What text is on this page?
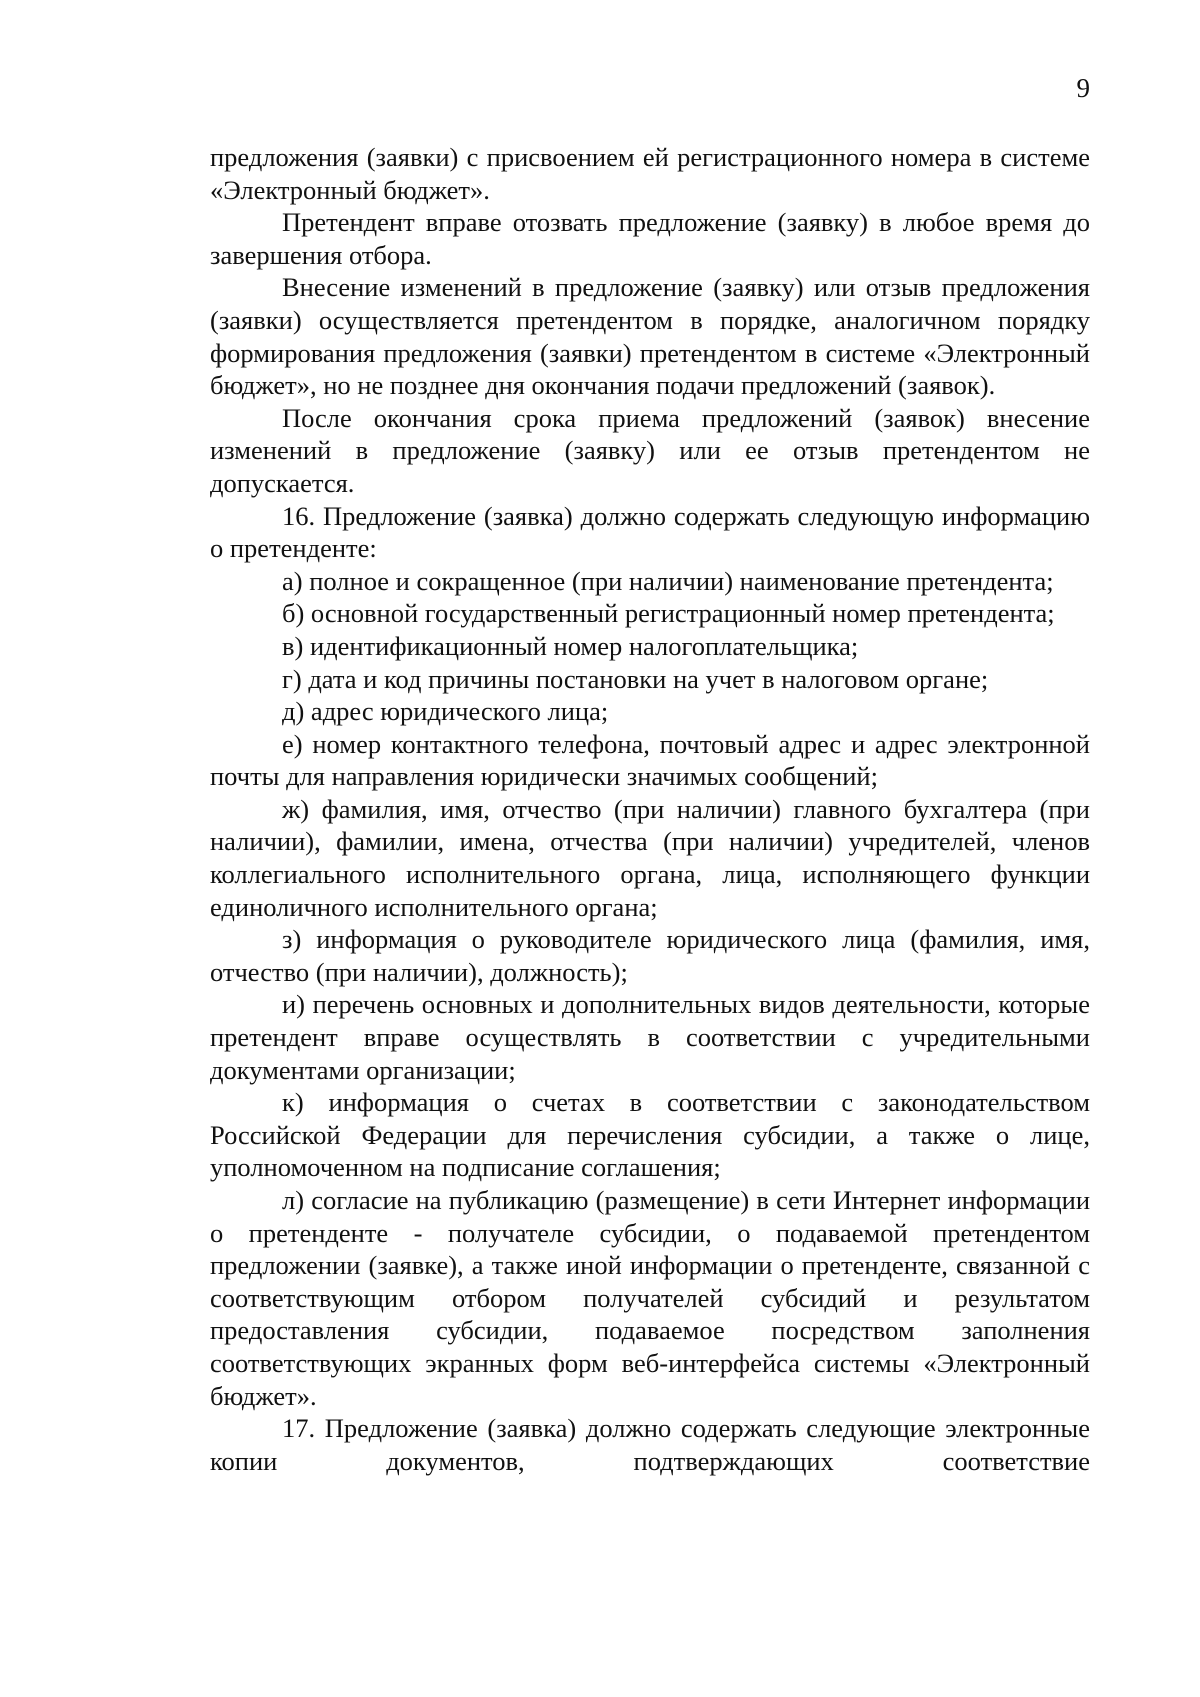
9

предложения (заявки) с присвоением ей регистрационного номера в системе «Электронный бюджет».

Претендент вправе отозвать предложение (заявку) в любое время до завершения отбора.

Внесение изменений в предложение (заявку) или отзыв предложения (заявки) осуществляется претендентом в порядке, аналогичном порядку формирования предложения (заявки) претендентом в системе «Электронный бюджет», но не позднее дня окончания подачи предложений (заявок).

После окончания срока приема предложений (заявок) внесение изменений в предложение (заявку) или ее отзыв претендентом не допускается.

16. Предложение (заявка) должно содержать следующую информацию о претенденте:

а) полное и сокращенное (при наличии) наименование претендента;

б) основной государственный регистрационный номер претендента;

в) идентификационный номер налогоплательщика;

г) дата и код причины постановки на учет в налоговом органе;

д) адрес юридического лица;

е) номер контактного телефона, почтовый адрес и адрес электронной почты для направления юридически значимых сообщений;

ж) фамилия, имя, отчество (при наличии) главного бухгалтера (при наличии), фамилии, имена, отчества (при наличии) учредителей, членов коллегиального исполнительного органа, лица, исполняющего функции единоличного исполнительного органа;

з) информация о руководителе юридического лица (фамилия, имя, отчество (при наличии), должность);

и) перечень основных и дополнительных видов деятельности, которые претендент вправе осуществлять в соответствии с учредительными документами организации;

к) информация о счетах в соответствии с законодательством Российской Федерации для перечисления субсидии, а также о лице, уполномоченном на подписание соглашения;

л) согласие на публикацию (размещение) в сети Интернет информации о претенденте - получателе субсидии, о подаваемой претендентом предложении (заявке), а также иной информации о претенденте, связанной с соответствующим отбором получателей субсидий и результатом предоставления субсидии, подаваемое посредством заполнения соответствующих экранных форм веб-интерфейса системы «Электронный бюджет».

17. Предложение (заявка) должно содержать следующие электронные копии документов, подтверждающих соответствие
